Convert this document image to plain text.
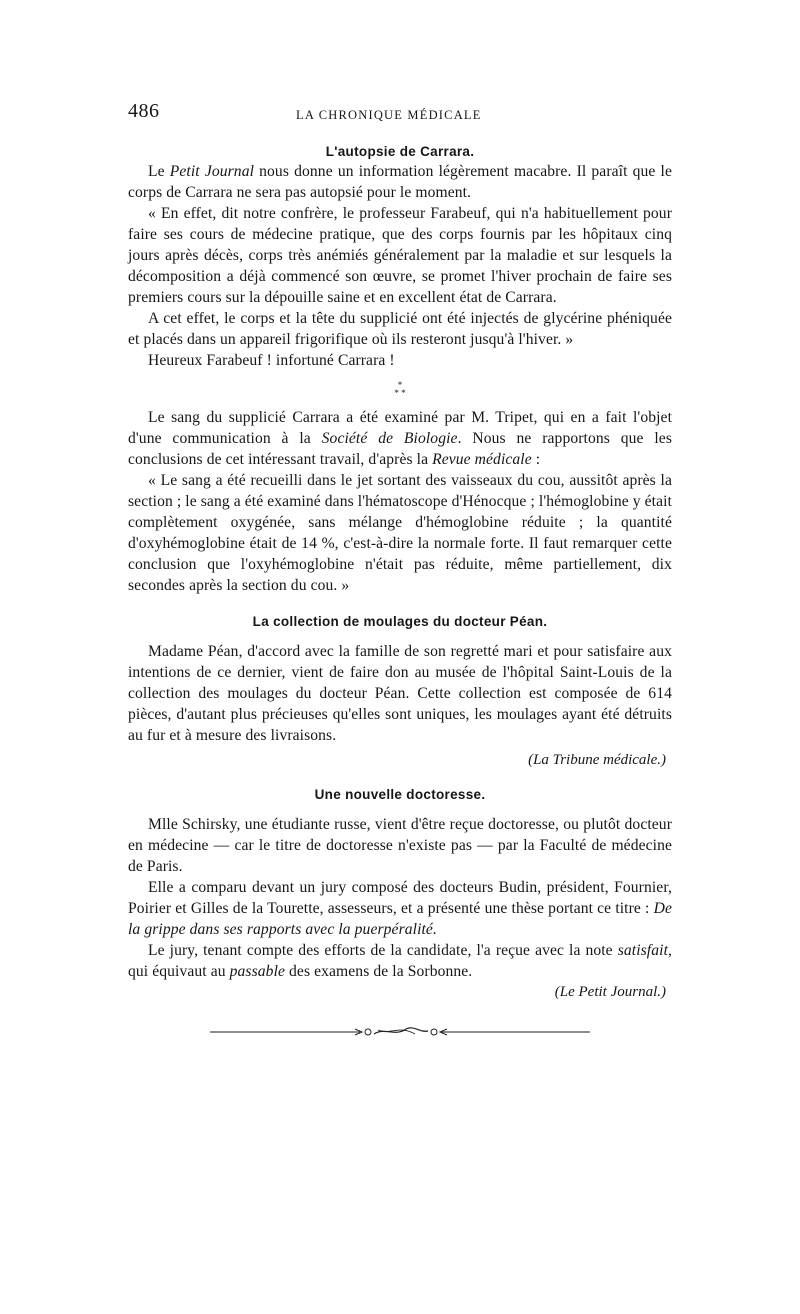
486	LA CHRONIQUE MÉDICALE
L'autopsie de Carrara.

Le Petit Journal nous donne un information légèrement macabre. Il paraît que le corps de Carrara ne sera pas autopsié pour le moment.

« En effet, dit notre confrère, le professeur Farabeuf, qui n'a habituellement pour faire ses cours de médecine pratique, que des corps fournis par les hôpitaux cinq jours après décès, corps très anémiés généralement par la maladie et sur lesquels la décomposition a déjà commencé son œuvre, se promet l'hiver prochain de faire ses premiers cours sur la dépouille saine et en excellent état de Carrara.

A cet effet, le corps et la tête du supplicié ont été injectés de glycérine phéniquée et placés dans un appareil frigorifique où ils resteront jusqu'à l'hiver. »

Heureux Farabeuf ! infortuné Carrara !

*
* *

Le sang du supplicié Carrara a été examiné par M. Tripet, qui en a fait l'objet d'une communication à la Société de Biologie. Nous ne rapportons que les conclusions de cet intéressant travail, d'après la Revue médicale :

« Le sang a été recueilli dans le jet sortant des vaisseaux du cou, aussitôt après la section ; le sang a été examiné dans l'hématoscope d'Hénocque ; l'hémoglobine y était complètement oxygénée, sans mélange d'hémoglobine réduite ; la quantité d'oxyhémoglobine était de 14 %, c'est-à-dire la normale forte. Il faut remarquer cette conclusion que l'oxyhémoglobine n'était pas réduite, même partiellement, dix secondes après la section du cou. »

La collection de moulages du docteur Péan.

Madame Péan, d'accord avec la famille de son regretté mari et pour satisfaire aux intentions de ce dernier, vient de faire don au musée de l'hôpital Saint-Louis de la collection des moulages du docteur Péan. Cette collection est composée de 614 pièces, d'autant plus précieuses qu'elles sont uniques, les moulages ayant été détruits au fur et à mesure des livraisons.

(La Tribune médicale.)
Une nouvelle doctoresse.

Mlle Schirsky, une étudiante russe, vient d'être reçue doctoresse, ou plutôt docteur en médecine — car le titre de doctoresse n'existe pas — par la Faculté de médecine de Paris.

Elle a comparu devant un jury composé des docteurs Budin, président, Fournier, Poirier et Gilles de la Tourette, assesseurs, et a présenté une thèse portant ce titre : De la grippe dans ses rapports avec la puerpéralité.

Le jury, tenant compte des efforts de la candidate, l'a reçue avec la note satisfait, qui équivaut au passable des examens de la Sorbonne.

(Le Petit Journal.)
